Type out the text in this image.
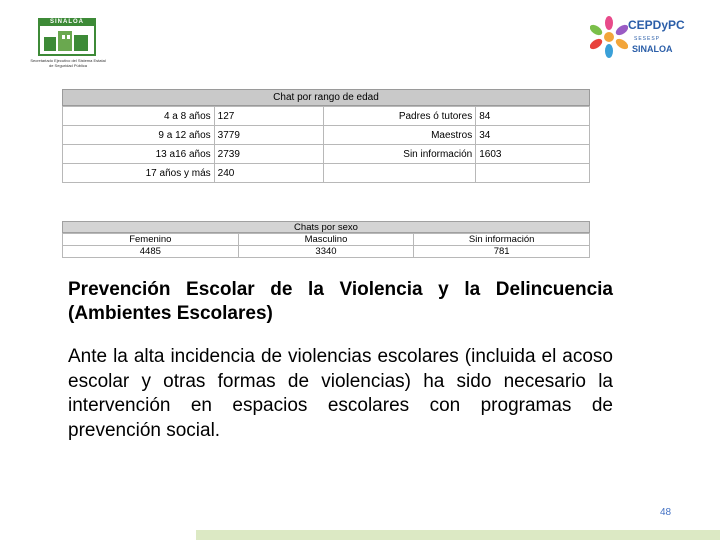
SINALOA
Secretariado Ejecutivo del Sistema Estatal de Seguridad Pública
CEPDyPC
SESESP
SINALOA
Chat por rango de edad
4 a 8 años	127	Padres ó tutores	84
9 a 12 años	3779	Maestros	34
13 a16 años	2739	Sin información	1603
17 años y más	240		
Chats por sexo
Femenino	Masculino	Sin información
4485	3340	781
Prevención Escolar de la Violencia y la Delincuencia (Ambientes Escolares)
Ante la alta incidencia de violencias escolares (incluida el acoso escolar y otras formas de violencias) ha sido necesario la intervención en espacios escolares con programas de prevención social.
48
